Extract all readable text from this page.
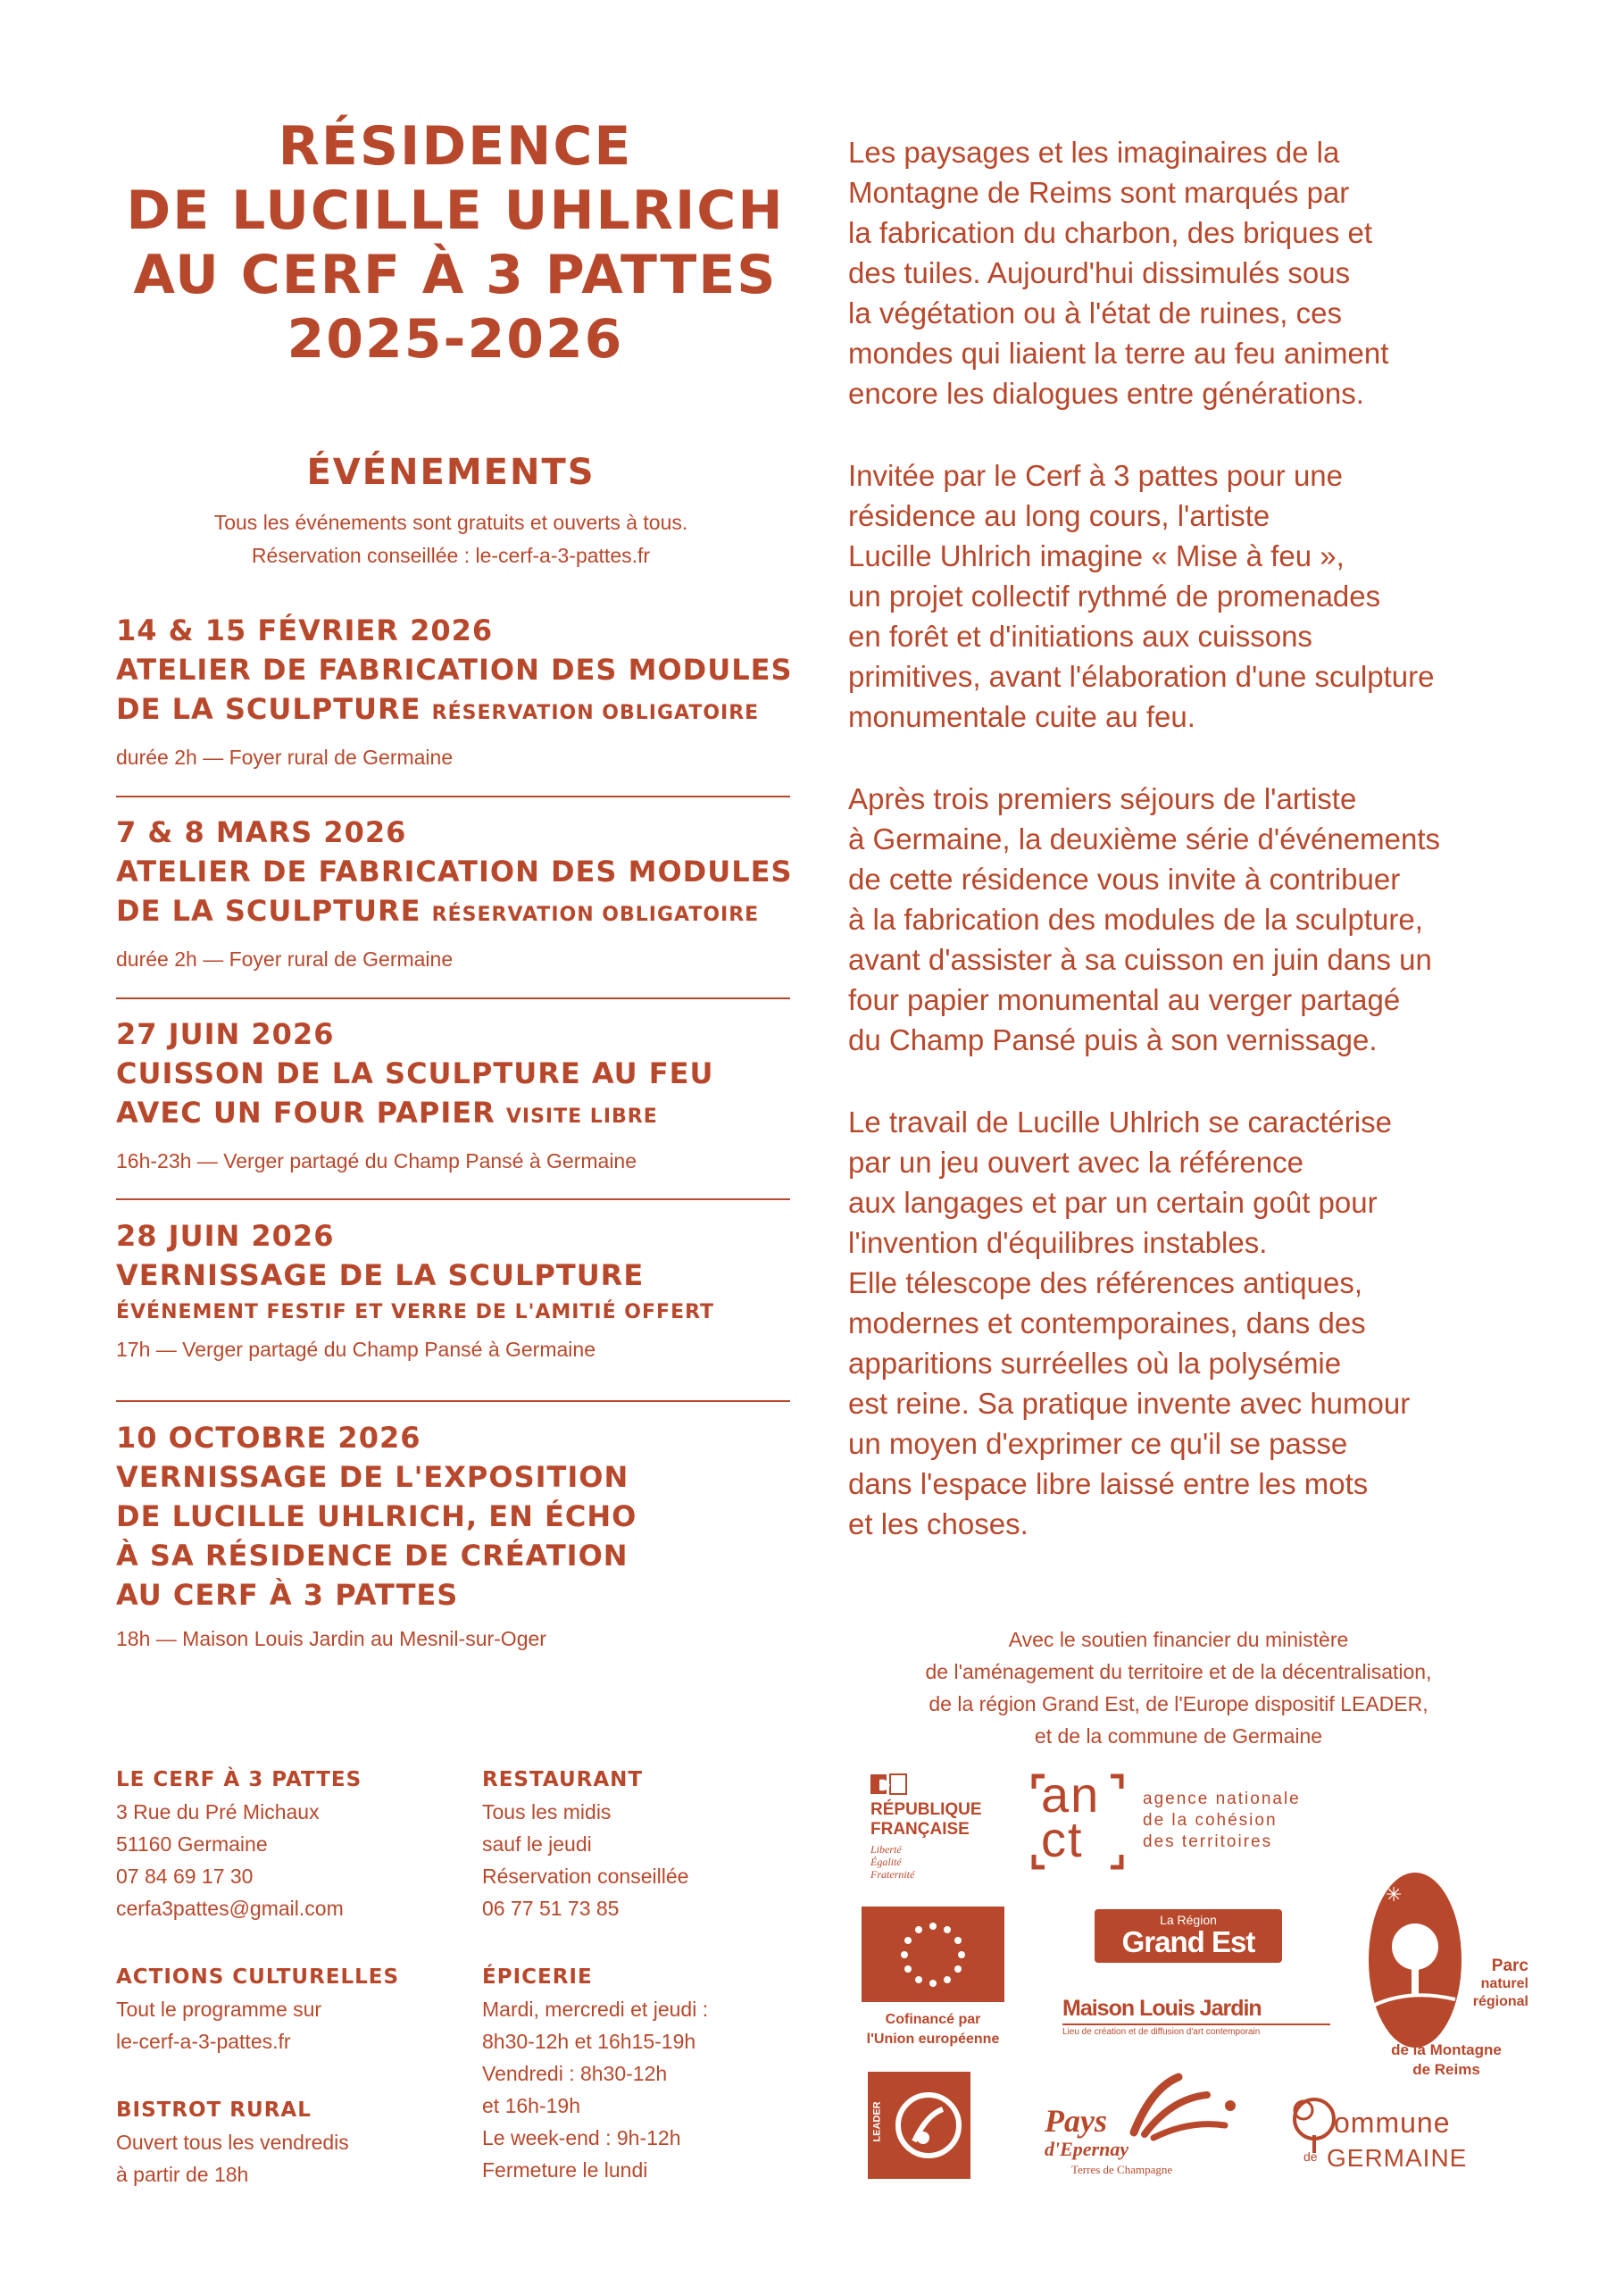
RÉSIDENCE
DE LUCILLE UHLRICH
AU CERF À 3 PATTES
2025-2026
ÉVÉNEMENTS
Tous les événements sont gratuits et ouverts à tous.
Réservation conseillée : le-cerf-a-3-pattes.fr
14 & 15 FÉVRIER 2026
ATELIER DE FABRICATION DES MODULES
DE LA SCULPTURE RÉSERVATION OBLIGATOIRE
durée 2h — Foyer rural de Germaine
7 & 8 MARS 2026
ATELIER DE FABRICATION DES MODULES
DE LA SCULPTURE RÉSERVATION OBLIGATOIRE
durée 2h — Foyer rural de Germaine
27 JUIN 2026
CUISSON DE LA SCULPTURE AU FEU
AVEC UN FOUR PAPIER VISITE LIBRE
16h-23h — Verger partagé du Champ Pansé à Germaine
28 JUIN 2026
VERNISSAGE DE LA SCULPTURE
ÉVÉNEMENT FESTIF ET VERRE DE L'AMITIÉ OFFERT
17h — Verger partagé du Champ Pansé à Germaine
10 OCTOBRE 2026
VERNISSAGE DE L'EXPOSITION
DE LUCILLE UHLRICH, EN ÉCHO
À SA RÉSIDENCE DE CRÉATION
AU CERF À 3 PATTES
18h — Maison Louis Jardin au Mesnil-sur-Oger

Les paysages et les imaginaires de la
Montagne de Reims sont marqués par
la fabrication du charbon, des briques et
des tuiles. Aujourd'hui dissimulés sous
la végétation ou à l'état de ruines, ces
mondes qui liaient la terre au feu animent
encore les dialogues entre générations.

Invitée par le Cerf à 3 pattes pour une
résidence au long cours, l'artiste
Lucille Uhlrich imagine « Mise à feu »,
un projet collectif rythmé de promenades
en forêt et d'initiations aux cuissons
primitives, avant l'élaboration d'une sculpture
monumentale cuite au feu.

Après trois premiers séjours de l'artiste
à Germaine, la deuxième série d'événements
de cette résidence vous invite à contribuer
à la fabrication des modules de la sculpture,
avant d'assister à sa cuisson en juin dans un
four papier monumental au verger partagé
du Champ Pansé puis à son vernissage.

Le travail de Lucille Uhlrich se caractérise
par un jeu ouvert avec la référence
aux langages et par un certain goût pour
l'invention d'équilibres instables.
Elle télescope des références antiques,
modernes et contemporaines, dans des
apparitions surréelles où la polysémie
est reine. Sa pratique invente avec humour
un moyen d'exprimer ce qu'il se passe
dans l'espace libre laissé entre les mots
et les choses.

LE CERF À 3 PATTES
3 Rue du Pré Michaux
51160 Germaine
07 84 69 17 30
cerfa3pattes@gmail.com
ACTIONS CULTURELLES
Tout le programme sur
le-cerf-a-3-pattes.fr
BISTROT RURAL
Ouvert tous les vendredis
à partir de 18h
RESTAURANT
Tous les midis
sauf le jeudi
Réservation conseillée
06 77 51 73 85
ÉPICERIE
Mardi, mercredi et jeudi :
8h30-12h et 16h15-19h
Vendredi : 8h30-12h
et 16h-19h
Le week-end : 9h-12h
Fermeture le lundi
Avec le soutien financier du ministère
de l'aménagement du territoire et de la décentralisation,
de la région Grand Est, de l'Europe dispositif LEADER,
et de la commune de Germaine
RÉPUBLIQUE
FRANÇAISE
Liberté
Égalité
Fraternité
an
ct
agence nationale
de la cohésion
des territoires
Cofinancé par
l'Union européenne
La Région
Grand Est
Maison Louis Jardin
Lieu de création et de diffusion d'art contemporain
✳
Parc
naturel
régional
de la Montagne
de Reims
LEADER	Pays
d'Epernay
Terres de Champagne
ommune
de GERMAINE
